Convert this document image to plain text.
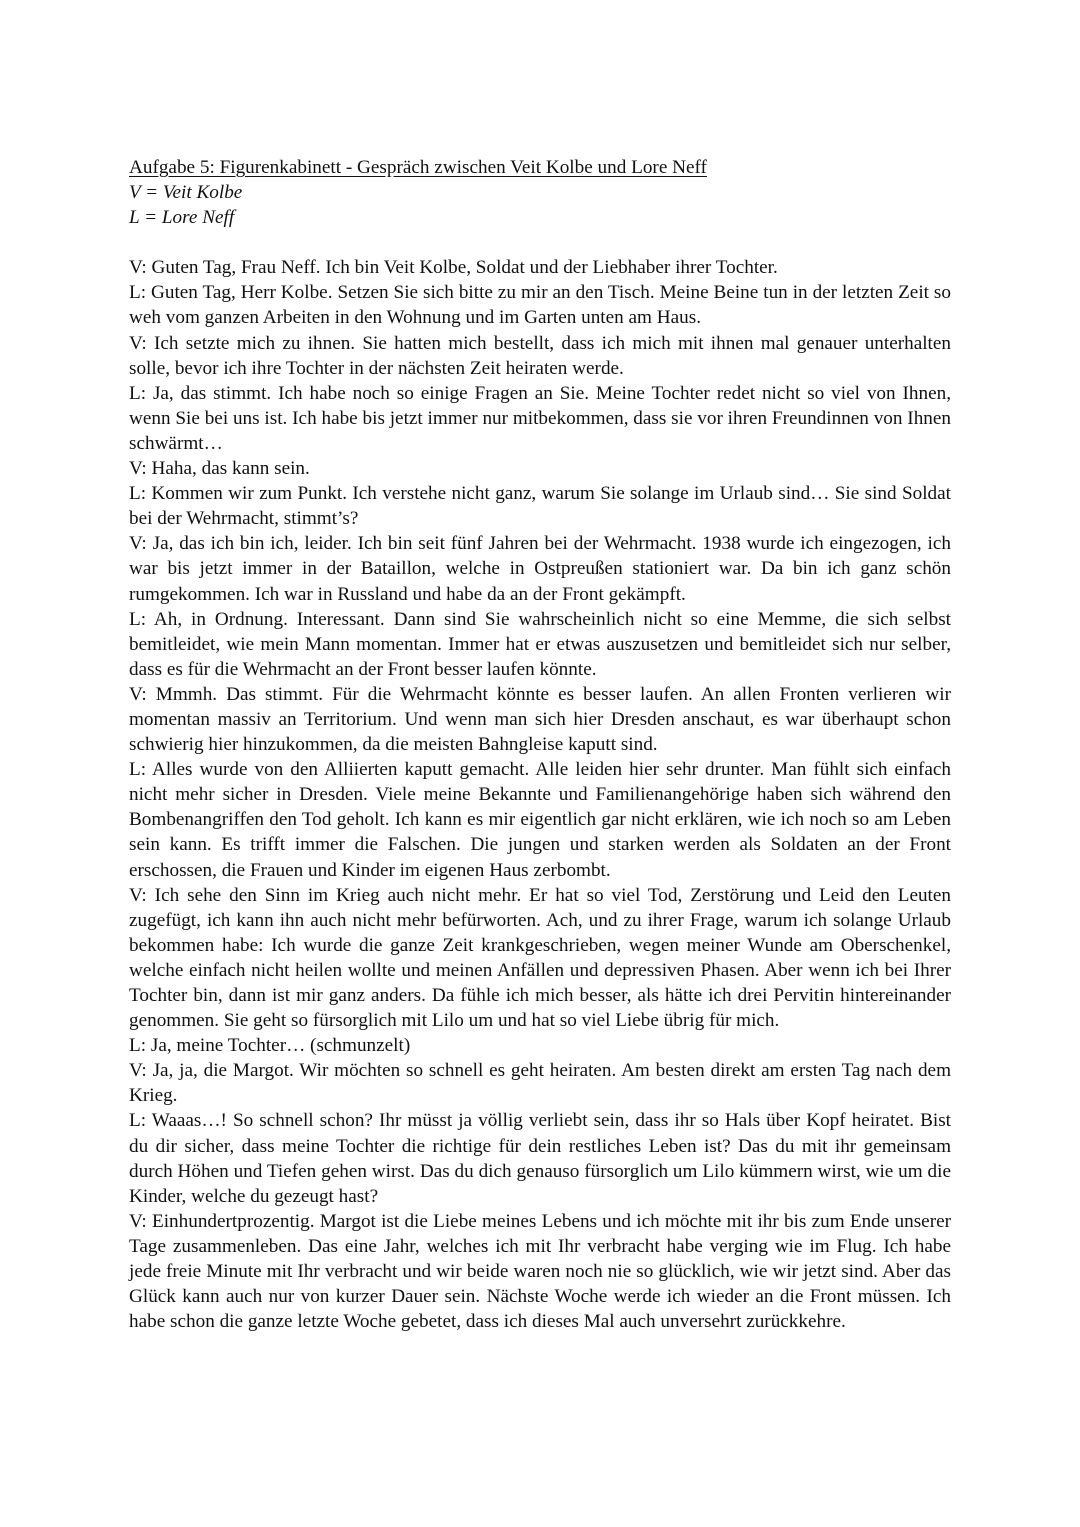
Aufgabe 5: Figurenkabinett - Gespräch zwischen Veit Kolbe und Lore Neff

V = Veit Kolbe

L = Lore Neff

V: Guten Tag, Frau Neff. Ich bin Veit Kolbe, Soldat und der Liebhaber ihrer Tochter.

L: Guten Tag, Herr Kolbe. Setzen Sie sich bitte zu mir an den Tisch. Meine Beine tun in der letzten Zeit so weh vom ganzen Arbeiten in den Wohnung und im Garten unten am Haus.

V: Ich setzte mich zu ihnen. Sie hatten mich bestellt, dass ich mich mit ihnen mal genauer unterhalten solle, bevor ich ihre Tochter in der nächsten Zeit heiraten werde.

L: Ja, das stimmt. Ich habe noch so einige Fragen an Sie. Meine Tochter redet nicht so viel von Ihnen, wenn Sie bei uns ist. Ich habe bis jetzt immer nur mitbekommen, dass sie vor ihren Freundinnen von Ihnen schwärmt…

V: Haha, das kann sein.

L: Kommen wir zum Punkt. Ich verstehe nicht ganz, warum Sie solange im Urlaub sind… Sie sind Soldat bei der Wehrmacht, stimmt’s?

V: Ja, das ich bin ich, leider. Ich bin seit fünf Jahren bei der Wehrmacht. 1938 wurde ich eingezogen, ich war bis jetzt immer in der Bataillon, welche in Ostpreußen stationiert war. Da bin ich ganz schön rumgekommen. Ich war in Russland und habe da an der Front gekämpft.

L: Ah, in Ordnung. Interessant. Dann sind Sie wahrscheinlich nicht so eine Memme, die sich selbst bemitleidet, wie mein Mann momentan. Immer hat er etwas auszusetzen und bemitleidet sich nur selber, dass es für die Wehrmacht an der Front besser laufen könnte.

V: Mmmh. Das stimmt. Für die Wehrmacht könnte es besser laufen. An allen Fronten verlieren wir momentan massiv an Territorium. Und wenn man sich hier Dresden anschaut, es war überhaupt schon schwierig hier hinzukommen, da die meisten Bahngleise kaputt sind.

L: Alles wurde von den Alliierten kaputt gemacht. Alle leiden hier sehr drunter. Man fühlt sich einfach nicht mehr sicher in Dresden. Viele meine Bekannte und Familienangehörige haben sich während den Bombenangriffen den Tod geholt. Ich kann es mir eigentlich gar nicht erklären, wie ich noch so am Leben sein kann. Es trifft immer die Falschen. Die jungen und starken werden als Soldaten an der Front erschossen, die Frauen und Kinder im eigenen Haus zerbombt.

V: Ich sehe den Sinn im Krieg auch nicht mehr. Er hat so viel Tod, Zerstörung und Leid den Leuten zugefügt, ich kann ihn auch nicht mehr befürworten. Ach, und zu ihrer Frage, warum ich solange Urlaub bekommen habe: Ich wurde die ganze Zeit krankgeschrieben, wegen meiner Wunde am Oberschenkel, welche einfach nicht heilen wollte und meinen Anfällen und depressiven Phasen. Aber wenn ich bei Ihrer Tochter bin, dann ist mir ganz anders. Da fühle ich mich besser, als hätte ich drei Pervitin hintereinander genommen. Sie geht so fürsorglich mit Lilo um und hat so viel Liebe übrig für mich.

L: Ja, meine Tochter… (schmunzelt)

V: Ja, ja, die Margot. Wir möchten so schnell es geht heiraten. Am besten direkt am ersten Tag nach dem Krieg.

L: Waaas…! So schnell schon? Ihr müsst ja völlig verliebt sein, dass ihr so Hals über Kopf heiratet. Bist du dir sicher, dass meine Tochter die richtige für dein restliches Leben ist? Das du mit ihr gemeinsam durch Höhen und Tiefen gehen wirst. Das du dich genauso fürsorglich um Lilo kümmern wirst, wie um die Kinder, welche du gezeugt hast?

V: Einhundertprozentig. Margot ist die Liebe meines Lebens und ich möchte mit ihr bis zum Ende unserer Tage zusammenleben. Das eine Jahr, welches ich mit Ihr verbracht habe verging wie im Flug. Ich habe jede freie Minute mit Ihr verbracht und wir beide waren noch nie so glücklich, wie wir jetzt sind. Aber das Glück kann auch nur von kurzer Dauer sein. Nächste Woche werde ich wieder an die Front müssen. Ich habe schon die ganze letzte Woche gebetet, dass ich dieses Mal auch unversehrt zurückkehre.
